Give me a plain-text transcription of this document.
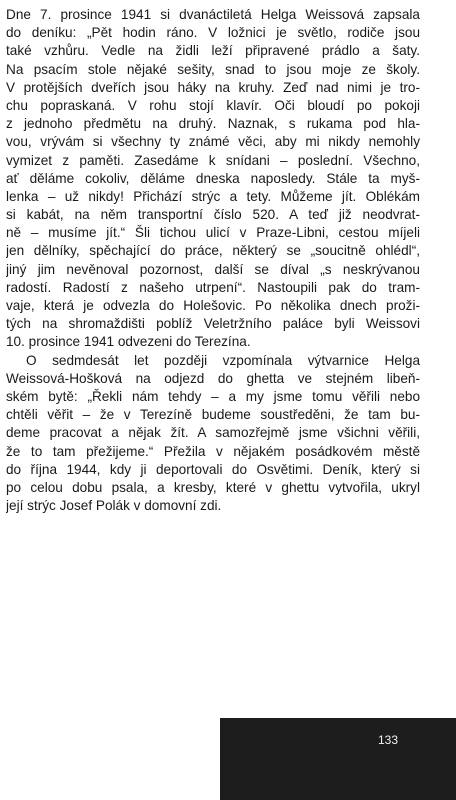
Dne 7. prosince 1941 si dvanáctiletá Helga Weissová zapsala
do deníku: „Pět hodin ráno. V ložnici je světlo, rodiče jsou
také vzhůru. Vedle na židli leží připravené prádlo a šaty.
Na psacím stole nějaké sešity, snad to jsou moje ze školy.
V protějších dveřích jsou háky na kruhy. Zeď nad nimi je tro-
chu popraskaná. V rohu stojí klavír. Oči bloudí po pokoji
z jednoho předmětu na druhý. Naznak, s rukama pod hla-
vou, vrývám si všechny ty známé věci, aby mi nikdy nemohly
vymizet z paměti. Zasedáme k snídani – poslední. Všechno,
ať děláme cokoliv, děláme dneska naposledy. Stále ta myš-
lenka – už nikdy! Přichází strýc a tety. Můžeme jít. Oblékám
si kabát, na něm transportní číslo 520. A teď již neodvrat-
ně – musíme jít.“ Šli tichou ulicí v Praze-Libni, cestou míjeli
jen dělníky, spěchající do práce, některý se „soucitně ohlédl“,
jiný jim nevěnoval pozornost, další se díval „s neskrývanou
radostí. Radostí z našeho utrpení“. Nastoupili pak do tram-
vaje, která je odvezla do Holešovic. Po několika dnech proži-
tých na shromaždišti poblíž Veletržního paláce byli Weissovi
10. prosince 1941 odvezeni do Terezína.
O sedmdesát let později vzpomínala výtvarnice Helga
Weissová-Hošková na odjezd do ghetta ve stejném libeň-
ském bytě: „Řekli nám tehdy – a my jsme tomu věřili nebo
chtěli věřit – že v Terezíně budeme soustředěni, že tam bu-
deme pracovat a nějak žít. A samozřejmě jsme všichni věřili,
že to tam přežijeme.“ Přežila v nějakém posádkovém městě
do října 1944, kdy ji deportovali do Osvětimi. Deník, který si
po celou dobu psala, a kresby, které v ghettu vytvořila, ukryl
její strýc Josef Polák v domovní zdi.
133
